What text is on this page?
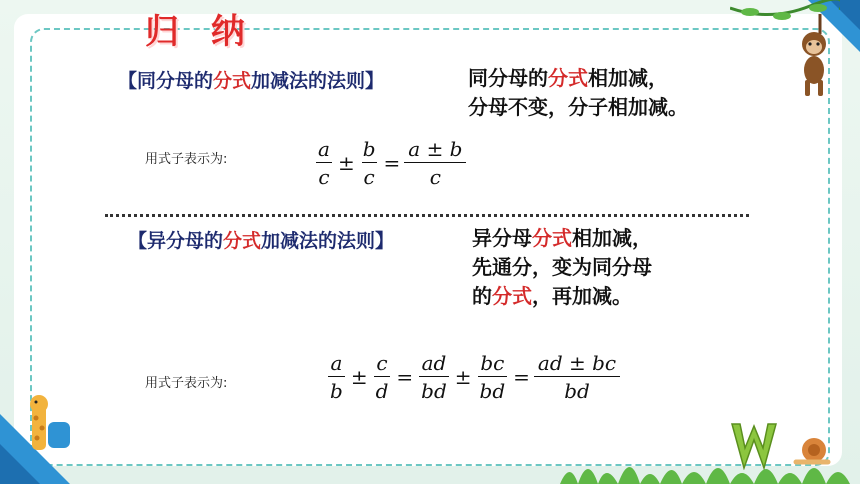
归 纳
【同分母的分式加减法的法则】	同分母的分式相加减，
分母不变，分子相加减。
用式子表示为:	$\frac{a}{c} \pm \frac{b}{c} = \frac{a \pm b}{c}$
【异分母的分式加减法的法则】	异分母分式相加减，
先通分，变为同分母
的分式，再加减。
用式子表示为:	$\frac{a}{b} \pm \frac{c}{d} = \frac{ad}{bd} \pm \frac{bc}{bd} = \frac{ad \pm bc}{bd}$
